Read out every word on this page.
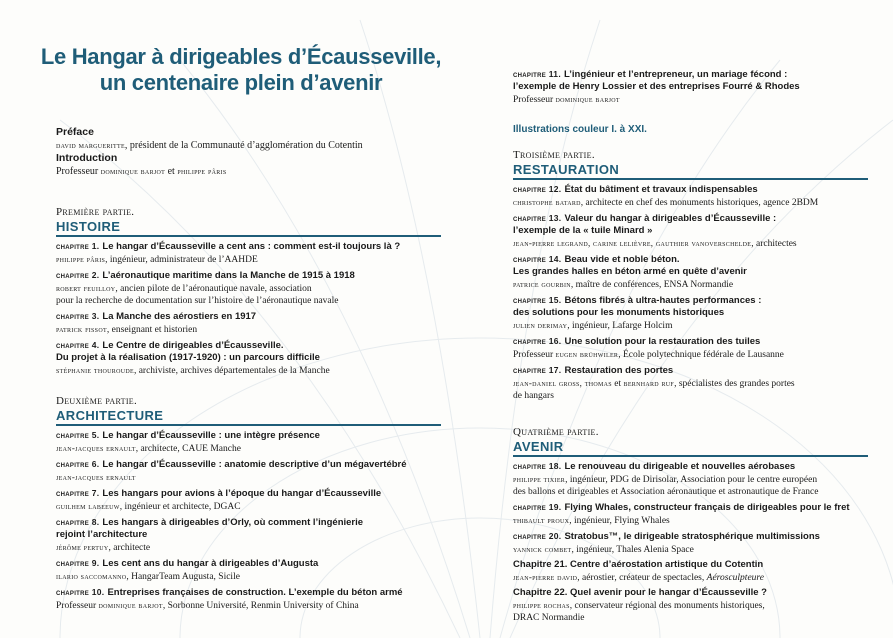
Le Hangar à dirigeables d’Écausseville,
un centenaire plein d’avenir
Préface
david margueritte, président de la Communauté d’agglomération du Cotentin
Introduction
Professeur dominique barjot et philippe pâris
Première partie.
HISTOIRE
chapitre 1. Le hangar d’Écausseville a cent ans : comment est-il toujours là ?
philippe pâris, ingénieur, administrateur de l’AAHDE
chapitre 2. L’aéronautique maritime dans la Manche de 1915 à 1918
robert feuilloy, ancien pilote de l’aéronautique navale, association
pour la recherche de documentation sur l’histoire de l’aéronautique navale
chapitre 3. La Manche des aérostiers en 1917
patrick fissot, enseignant et historien
chapitre 4. Le Centre de dirigeables d’Écausseville.
Du projet à la réalisation (1917-1920) : un parcours difficile
stéphanie thouroude, archiviste, archives départementales de la Manche
Deuxième partie.
ARCHITECTURE
chapitre 5. Le hangar d’Écausseville : une intègre présence
jean-jacques ernault, architecte, CAUE Manche
chapitre 6. Le hangar d’Écausseville : anatomie descriptive d’un mégavertébré
jean-jacques ernault
chapitre 7. Les hangars pour avions à l’époque du hangar d’Écausseville
guilhem labeeuw, ingénieur et architecte, DGAC
chapitre 8. Les hangars à dirigeables d’Orly, où comment l’ingénierie
rejoint l’architecture
jérôme pertuy, architecte
chapitre 9. Les cent ans du hangar à dirigeables d’Augusta
ilario saccomanno, HangarTeam Augusta, Sicile
chapitre 10. Entreprises françaises de construction. L’exemple du béton armé
Professeur dominique barjot, Sorbonne Université, Renmin University of China
chapitre 11. L’ingénieur et l’entrepreneur, un mariage fécond :
l’exemple de Henry Lossier et des entreprises Fourré & Rhodes
Professeur dominique barjot
Illustrations couleur I. à XXI.
Troisième partie.
RESTAURATION
chapitre 12. État du bâtiment et travaux indispensables
christophe batard, architecte en chef des monuments historiques, agence 2BDM
chapitre 13. Valeur du hangar à dirigeables d’Écausseville :
l’exemple de la « tuile Minard »
jean-pierre legrand, carine lelièvre, gauthier vanoverschelde, architectes
chapitre 14. Beau vide et noble béton.
Les grandes halles en béton armé en quête d’avenir
patrice gourbin, maître de conférences, ENSA Normandie
chapitre 15. Bétons fibrés à ultra-hautes performances :
des solutions pour les monuments historiques
julien derimay, ingénieur, Lafarge Holcim
chapitre 16. Une solution pour la restauration des tuiles
Professeur eugen brühwiler, École polytechnique fédérale de Lausanne
chapitre 17. Restauration des portes
jean-daniel gross, thomas et bernhard ruf, spécialistes des grandes portes
de hangars
Quatrième partie.
AVENIR
chapitre 18. Le renouveau du dirigeable et nouvelles aérobases
philippe tixier, ingénieur, PDG de Dirisolar, Association pour le centre européen
des ballons et dirigeables et Association aéronautique et astronautique de France
chapitre 19. Flying Whales, constructeur français de dirigeables pour le fret
thibault proux, ingénieur, Flying Whales
chapitre 20. Stratobus™, le dirigeable stratosphérique multimissions
yannick combet, ingénieur, Thales Alenia Space
Chapitre 21. Centre d’aérostation artistique du Cotentin
jean-pierre david, aérostier, créateur de spectacles, Aérosculpteure
Chapitre 22. Quel avenir pour le hangar d’Écausseville ?
philippe rochas, conservateur régional des monuments historiques,
DRAC Normandie
